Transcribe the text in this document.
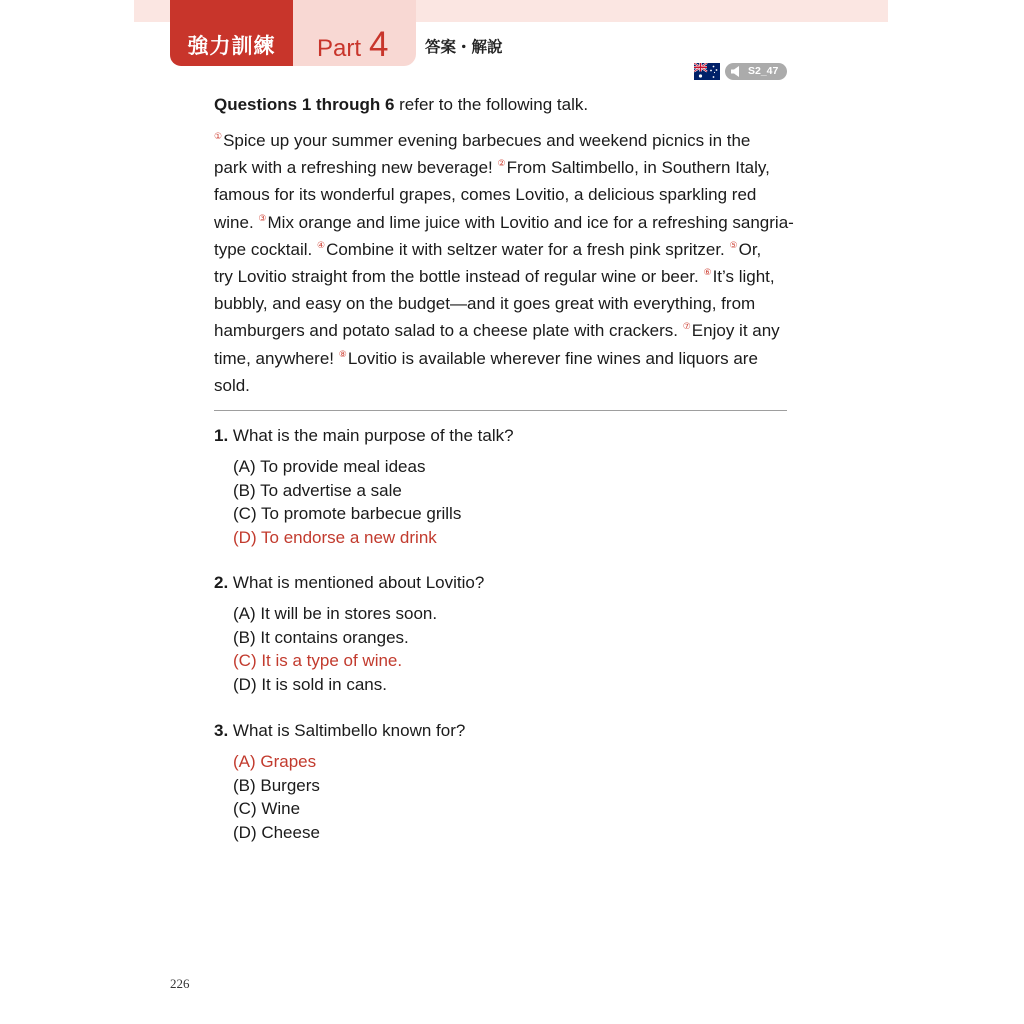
強力訓練	Part 4 答案・解說
S2_47
Questions 1 through 6 refer to the following talk.
①Spice up your summer evening barbecues and weekend picnics in the
park with a refreshing new beverage! ②From Saltimbello, in Southern Italy,
famous for its wonderful grapes, comes Lovitio, a delicious sparkling red
wine. ③Mix orange and lime juice with Lovitio and ice for a refreshing sangria-
type cocktail. ④Combine it with seltzer water for a fresh pink spritzer. ⑤Or,
try Lovitio straight from the bottle instead of regular wine or beer. ⑥It’s light,
bubbly, and easy on the budget—and it goes great with everything, from
hamburgers and potato salad to a cheese plate with crackers. ⑦Enjoy it any
time, anywhere! ⑧Lovitio is available wherever fine wines and liquors are
sold.
1. What is the main purpose of the talk?
(A) To provide meal ideas
(B) To advertise a sale
(C) To promote barbecue grills
(D) To endorse a new drink
2. What is mentioned about Lovitio?
(A) It will be in stores soon.
(B) It contains oranges.
(C) It is a type of wine.
(D) It is sold in cans.
3. What is Saltimbello known for?
(A) Grapes
(B) Burgers
(C) Wine
(D) Cheese
226
